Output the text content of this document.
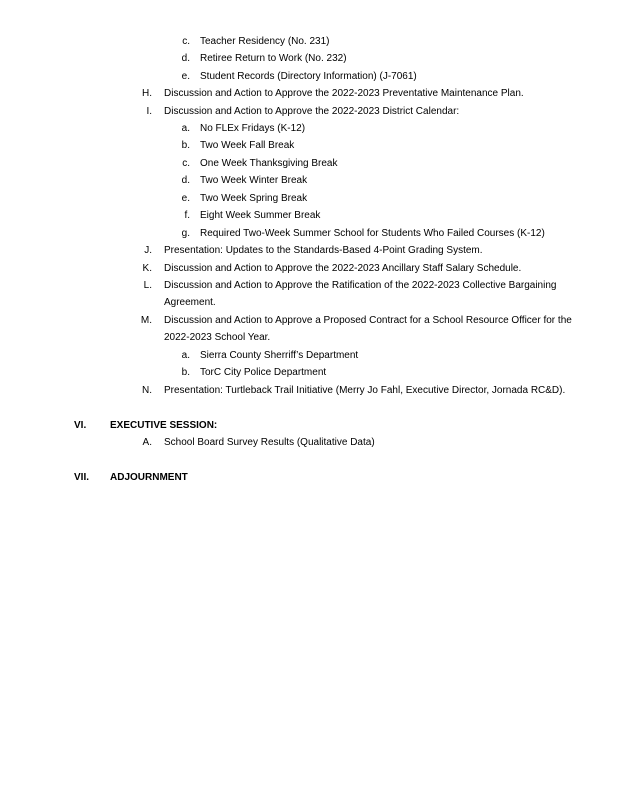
c. Teacher Residency (No. 231)
d. Retiree Return to Work (No. 232)
e. Student Records (Directory Information) (J-7061)
H. Discussion and Action to Approve the 2022-2023 Preventative Maintenance Plan.
I. Discussion and Action to Approve the 2022-2023 District Calendar:
a. No FLEx Fridays (K-12)
b. Two Week Fall Break
c. One Week Thanksgiving Break
d. Two Week Winter Break
e. Two Week Spring Break
f. Eight Week Summer Break
g. Required Two-Week Summer School for Students Who Failed Courses (K-12)
J. Presentation: Updates to the Standards-Based 4-Point Grading System.
K. Discussion and Action to Approve the 2022-2023 Ancillary Staff Salary Schedule.
L. Discussion and Action to Approve the Ratification of the 2022-2023 Collective Bargaining
Agreement.
M. Discussion and Action to Approve a Proposed Contract for a School Resource Officer for the
2022-2023 School Year.
a. Sierra County Sherriff’s Department
b. TorC City Police Department
N. Presentation: Turtleback Trail Initiative (Merry Jo Fahl, Executive Director, Jornada RC&D).
VI. EXECUTIVE SESSION:
A. School Board Survey Results (Qualitative Data)
VII. ADJOURNMENT
